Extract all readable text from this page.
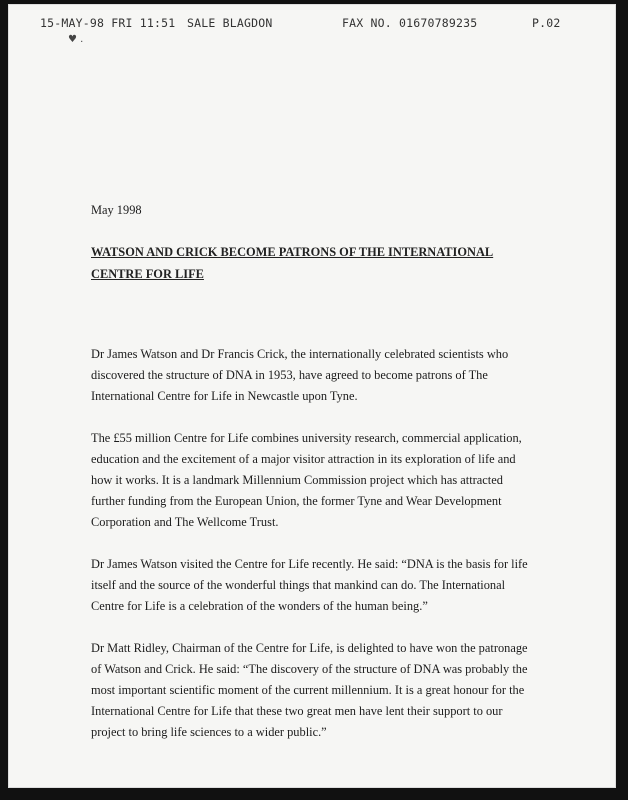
15-MAY-98 FRI 11:51 SALE BLAGDON	FAX NO. 01670789235	P.02
♥ .

May 1998

WATSON AND CRICK BECOME PATRONS OF THE INTERNATIONAL CENTRE FOR LIFE

Dr James Watson and Dr Francis Crick, the internationally celebrated scientists who discovered the structure of DNA in 1953, have agreed to become patrons of The International Centre for Life in Newcastle upon Tyne.

The £55 million Centre for Life combines university research, commercial application, education and the excitement of a major visitor attraction in its exploration of life and how it works. It is a landmark Millennium Commission project which has attracted further funding from the European Union, the former Tyne and Wear Development Corporation and The Wellcome Trust.

Dr James Watson visited the Centre for Life recently. He said: “DNA is the basis for life itself and the source of the wonderful things that mankind can do. The International Centre for Life is a celebration of the wonders of the human being.”

Dr Matt Ridley, Chairman of the Centre for Life, is delighted to have won the patronage of Watson and Crick. He said: “The discovery of the structure of DNA was probably the most important scientific moment of the current millennium. It is a great honour for the International Centre for Life that these two great men have lent their support to our project to bring life sciences to a wider public.”
